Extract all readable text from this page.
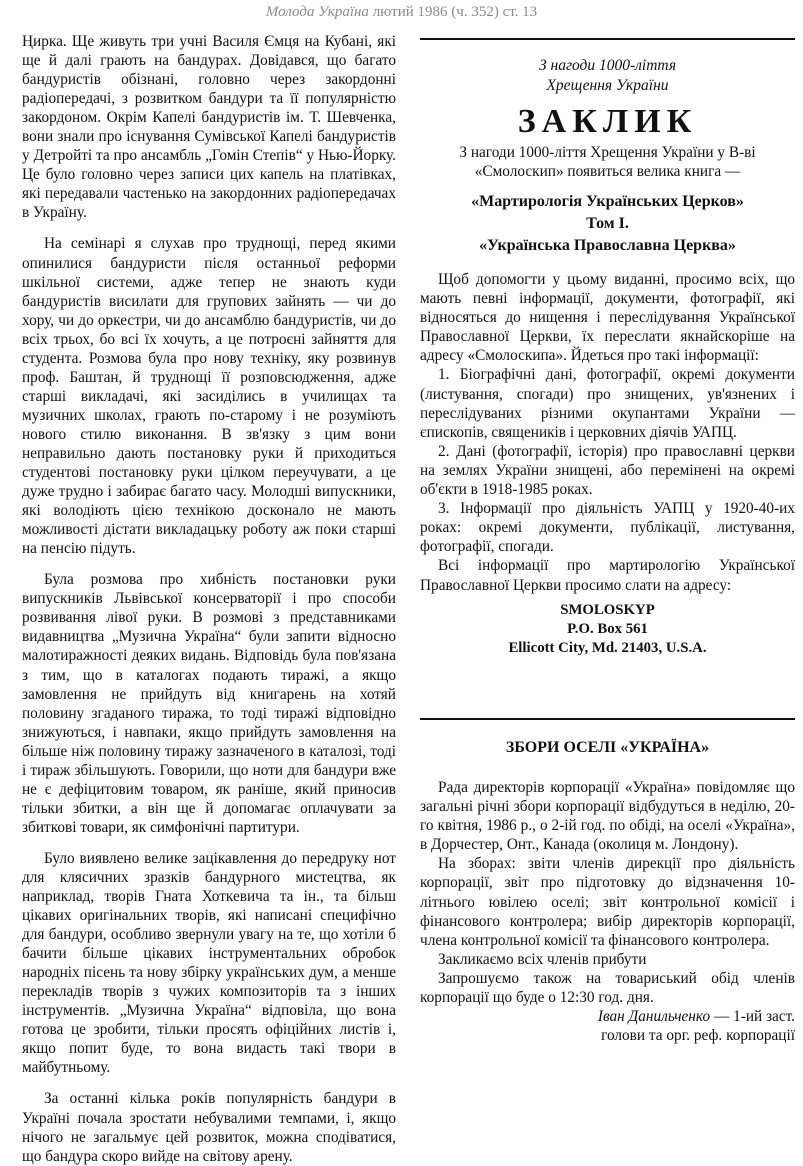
Молода Україна лютий 1986 (ч. 352) ст. 13

Ңирка. Ще живуть три учні Василя Ємця на Кубані, які ще й далі грають на бандурах. Довідався, що багато бандуристів обізнані, головно через закордонні радіопередачі, з розвитком бандури та її популярністю закордоном. Окрім Капелі бандуристів ім. Т. Шевченка, вони знали про існування Сумівської Капелі бандуристів у Детройті та про ансамбль „Гомін Степів“ у Нью-Йорку. Це було головно через записи цих капель на платівках, які передавали частенько на закордонних радіопередачах в Україну.

На семінарі я слухав про труднощі, перед якими опинилися бандуристи після останньої реформи шкільної системи, адже тепер не знають куди бандуристів висилати для групових зайнять — чи до хору, чи до оркестри, чи до ансамблю бандуристів, чи до всіх трьох, бо всі їх хочуть, а це потроєні зайняття для студента. Розмова була про нову техніку, яку розвинув проф. Баштан, й труднощі її розповсюдження, адже старші викладачі, які засиділись в училищах та музичних школах, грають по-старому і не розуміють нового стилю виконання. В зв'язку з цим вони неправильно дають постановку руки й приходиться студентові постановку руки цілком переучувати, а це дуже трудно і забирає багато часу. Молодші випускники, які володіють цією технікою досконало не мають можливості дістати викладацьку роботу аж поки старші на пенсію підуть.

Була розмова про хибність постановки руки випускників Львівської консерваторії і про способи розвивання лівої руки. В розмові з представниками видавництва „Музична Україна“ були запити відносно малотиражності деяких видань. Відповідь була пов'язана з тим, що в каталогах подають тиражі, а якщо замовлення не прийдуть від книгарень на хотяй половину згаданого тиража, то тоді тиражі відповідно знижуються, і навпаки, якщо прийдуть замовлення на більше ніж половину тиражу зазначеного в каталозі, тоді і тираж збільшують. Говорили, що ноти для бандури вже не є дефіцитовим товаром, як раніше, який приносив тільки збитки, а він ще й допомагає оплачувати за збиткові товари, як симфонічні партитури.

Було виявлено велике зацікавлення до передруку нот для клясичних зразків бандурного мистецтва, як наприклад, творів Гната Хоткевича та ін., та більш цікавих оригінальних творів, які написані специфічно для бандури, особливо звернули увагу на те, що хотіли б бачити більше цікавих інструментальних обробок народніх пісень та нову збірку українських дум, а менше перекладів творів з чужих композиторів та з інших інструментів. „Музична Україна“ відповіла, що вона готова це зробити, тільки просять офіційних листів і, якщо попит буде, то вона видасть такі твори в майбутньому.

За останні кілька років популярність бандури в Україні почала зростати небувалими темпами, і, якщо нічого не загальмує цей розвиток, можна сподіватися, що бандура скоро вийде на світову арену.

З нагоди 1000-ліття
Хрещення України
ЗАКЛИК
З нагоди 1000-ліття Хрещення України у В-ві «Смолоскип» появиться велика книга —
«Мартирологія Українських Церков»
Том І.
«Українська Православна Церква»

Щоб допомогти у цьому виданні, просимо всіх, що мають певні інформації, документи, фотографії, які відносяться до нищення і переслідування Української Православної Церкви, їх переслати якнайскоріше на адресу «Смолоскипа». Йдеться про такі інформації:

1. Біографічні дані, фотографії, окремі документи (листування, спогади) про знищених, ув'язнених і переслідуваних різними окупантами України — єпископів, священиків і церковних діячів УАПЦ.

2. Дані (фотографії, історія) про православні церкви на землях України знищені, або перемінені на окремі об'єкти в 1918-1985 роках.

3. Інформації про діяльність УАПЦ у 1920-40-их роках: окремі документи, публікації, листування, фотографії, спогади.

Всі інформації про мартирологію Української Православної Церкви просимо слати на адресу:

SMOLOSKYP
P.O. Box 561
Ellicott City, Md. 21403, U.S.A.
ЗБОРИ ОСЕЛІ «УКРАЇНА»

Рада директорів корпорації «Україна» повідомляє що загальні річні збори корпорації відбудуться в неділю, 20-го квітня, 1986 р., о 2-ій год. по обіді, на оселі «Україна», в Дорчестер, Онт., Канада (околиця м. Лондону).

На зборах: звіти членів дирекції про діяльність корпорації, звіт про підготовку до відзначення 10-літнього ювілею оселі; звіт контрольної комісії і фінансового контролера; вибір директорів корпорації, члена контрольної комісії та фінансового контролера.

Закликаємо всіх членів прибути

Запрошуємо також на товариський обід членів корпорації що буде о 12:30 год. дня.

Іван Данильченко — 1-ий заст.
голови та орг. реф. корпорації
